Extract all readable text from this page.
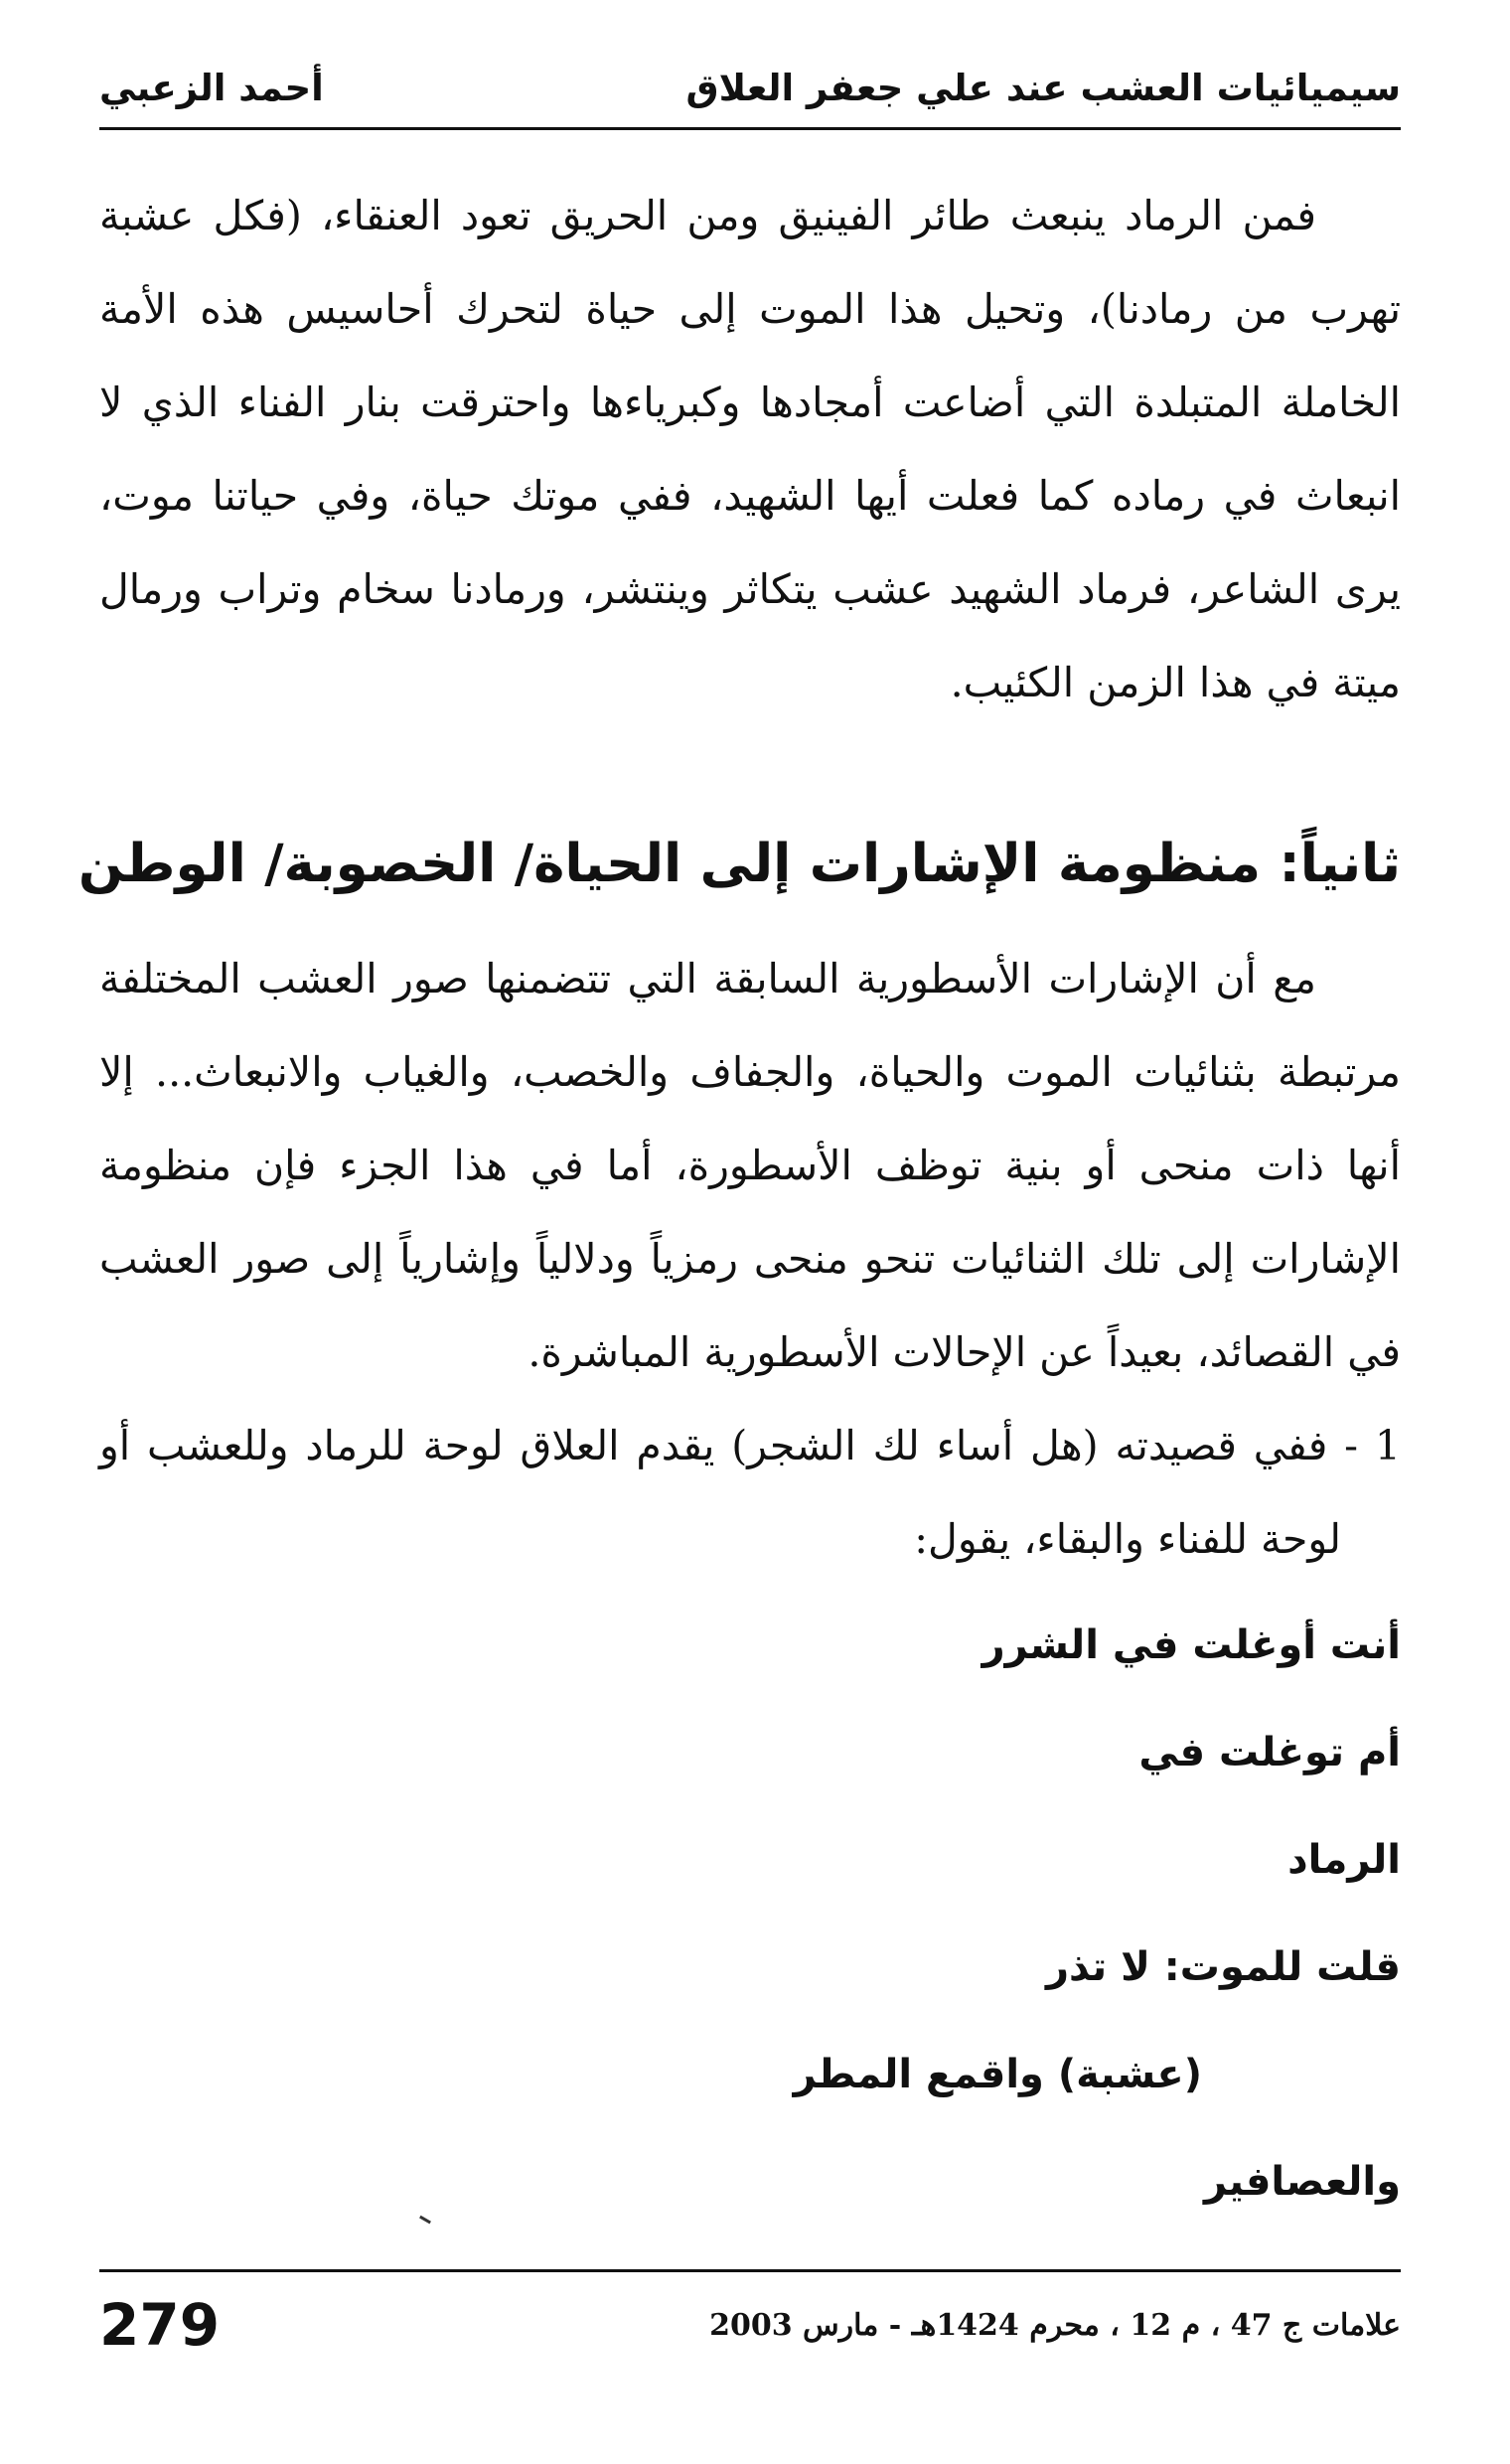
سيميائيات العشب عند علي جعفر العلاق
أحمد الزعبي

فمن الرماد ينبعث طائر الفينيق ومن الحريق تعود العنقاء، (فكل عشبة تهرب من رمادنا)، وتحيل هذا الموت إلى حياة لتحرك أحاسيس هذه الأمة الخاملة المتبلدة التي أضاعت أمجادها وكبرياءها واحترقت بنار الفناء الذي لا انبعاث في رماده كما فعلت أيها الشهيد، ففي موتك حياة، وفي حياتنا موت، يرى الشاعر، فرماد الشهيد عشب يتكاثر وينتشر، ورمادنا سخام وتراب ورمال ميتة في هذا الزمن الكئيب.

ثانياً: منظومة الإشارات إلى الحياة/ الخصوبة/ الوطن

مع أن الإشارات الأسطورية السابقة التي تتضمنها صور العشب المختلفة مرتبطة بثنائيات الموت والحياة، والجفاف والخصب، والغياب والانبعاث... إلا أنها ذات منحى أو بنية توظف الأسطورة، أما في هذا الجزء فإن منظومة الإشارات إلى تلك الثنائيات تنحو منحى رمزياً ودلالياً وإشارياً إلى صور العشب في القصائد، بعيداً عن الإحالات الأسطورية المباشرة.

1 - ففي قصيدته (هل أساء لك الشجر) يقدم العلاق لوحة للرماد وللعشب أو لوحة للفناء والبقاء، يقول:

أنت أوغلت في الشرر

أم توغلت في

الرماد

قلت للموت: لا تذر

(عشبة) واقمع المطر

والعصافير

علامات ج 47 ، م 12 ، محرم 1424هـ - مارس 2003
279
